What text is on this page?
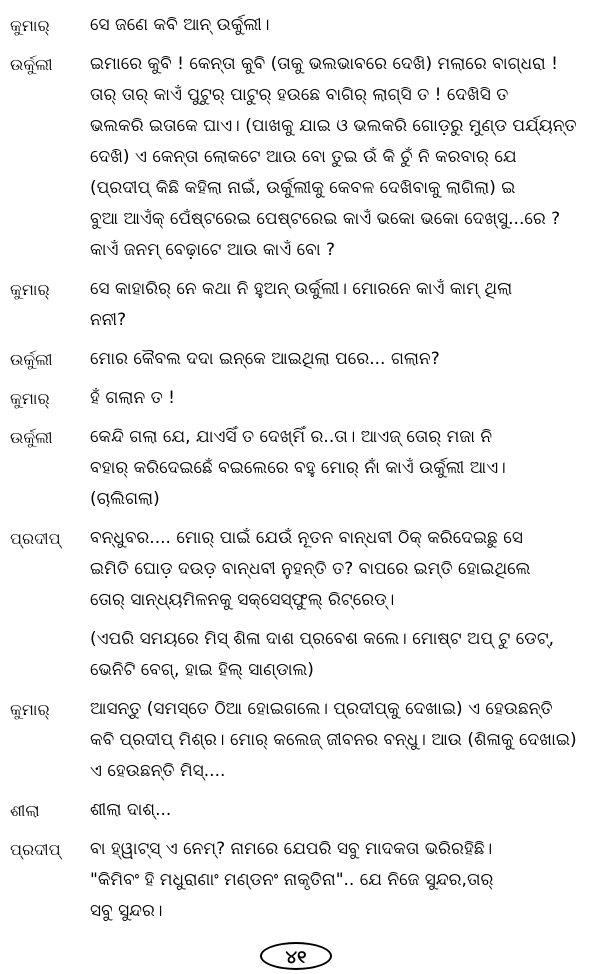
କୁମାର୍	ସେ ଜଣେ କବି ଆନ୍ ଉର୍କୁଲୀ।
ଉର୍କୁଲୀ	ଇମାରେ କୁବି ! କେନ୍ତା କୁବି (ତାକୁ ଭଲଭାବରେ ଦେଖି) ମଲାରେ ବାଗ୍‌ଧରା !
ତାର୍ ତାର୍ କାଏଁ ପୁଟୁର୍ ପାଟୁର୍ ହଉଛେ ବାଗିର୍ ଲାଗ୍‌ସି ତ ! ଦେଖିସି ତ
ଭଲକରି ଇତାକେ ଘାଏ। (ପାଖକୁ ଯାଇ ଓ ଭଲକରି ଗୋଡ଼ରୁ ମୁଣ୍ଡ ପର୍ଯ୍ୟନ୍ତ
ଦେଖି) ଏ କେନ୍ତା ଲୋକଟେ ଆଉ ବୋ ତୁଇ ଉଁ କି ଚୁଁ ନି କରବାର୍ ଯେ
(ପ୍ରଦୀପ୍ କିଛି କହିଲା ନାଇଁ, ଉର୍କୁଲୀକୁ କେବଳ ଦେଖିବାକୁ ଲାଗିଲା) ଇ
ବୁଆ ଆଏଁକ୍ ପେଁଷ୍ଟରେଇ ପେଷ୍ଟରେଇ କାଏଁ ଭକୋ ଭକୋ ଦେଖ୍‌ସୁ...ରେ ?
କାଏଁ ଜନମ୍ ବେଢ଼ାଟେ ଆଉ କାଏଁ ବୋ ?
କୁମାର୍	ସେ କାହାରିର୍ ନେ କଥା ନି ହୁଅନ୍ ଉର୍କୁଲୀ। ମୋରନେ କାଏଁ କାମ୍ ଥିଲା
ନନୀ?
ଉର୍କୁଲୀ	ମୋର କୈବଲ ଦଦା ଇନ୍‌କେ ଆଇଥିଲା ପରେ... ଗଲାନ?
କୁମାର୍	ହଁ ଗଲାନ ତ !
ଉର୍କୁଲୀ	କେନ୍ଦି ଗଲା ଯେ, ଯାଏସିଁ ତ ଦେଖ୍‌ମିଁ ର..ତା। ଆଏଜ୍ ତୋର୍ ମଜା ନି
ବହାର୍ କରିଦେଇଛେଁ ବଇଲେରେ ବହୁ ମୋର୍ ନାଁ କାଏଁ ଉର୍କୁଲୀ ଆଏ।
(ଚାଲିଗଲା)
ପ୍ରଦୀପ୍	ବନ୍ଧୁବର.... ମୋର୍ ପାଇଁ ଯେଉଁ ନୂତନ ବାନ୍ଧବୀ ଠିକ୍ କରିଦେଇଛୁ ସେ
ଇମିତି ଘୋଡ଼ ଦଉଡ଼ ବାନ୍ଧବୀ ନୁହନ୍ତି ତ? ବାପରେ ଇମ୍ତି ହୋଇଥିଲେ
ତୋର୍ ସାନ୍ଧ୍ୟମିଳନକୁ ସକ୍‌ସେସ୍‌ଫୁଲ୍ ରିଟ୍ରେଡ୍।
(ଏପରି ସମୟରେ ମିସ୍ ଶିଳା ଦାଶ ପ୍ରବେଶ କଲେ। ମୋଷ୍ଟ ଅପ୍ ଟୁ ଡେଟ୍,
ଭେନିଟି ବେଗ୍, ହାଇ ହିଲ୍ ସାଣ୍ଡାଲ)
କୁମାର୍	ଆସନ୍ତୁ (ସମସ୍ତେ ଠିଆ ହୋଇଗଲେ। ପ୍ରଦୀପ୍‌କୁ ଦେଖାଇ) ଏ ହେଉଛନ୍ତି
କବି ପ୍ରଦୀପ୍ ମିଶ୍ର। ମୋର୍ କଲେଜ୍ ଜୀବନର ବନ୍ଧୁ। ଆଉ (ଶିଳାକୁ ଦେଖାଇ)
ଏ ହେଉଛନ୍ତି ମିସ୍....
ଶୀଲା	ଶୀଲା ଦାଶ୍...
ପ୍ରଦୀପ୍	ବା ହ୍ୱାଟ୍‌ସ୍ ଏ ନେମ୍? ନାମରେ ଯେପରି ସବୁ ମାଦକତା ଭରିରହିଛି।
"କିମିବଂ ହି ମଧୁରାଣାଂ ମଣ୍ଡନଂ ନାକୃତିନା".. ଯେ ନିଜେ ସୁନ୍ଦର,ତାର୍
ସବୁ ସୁନ୍ଦର।
୪୧
